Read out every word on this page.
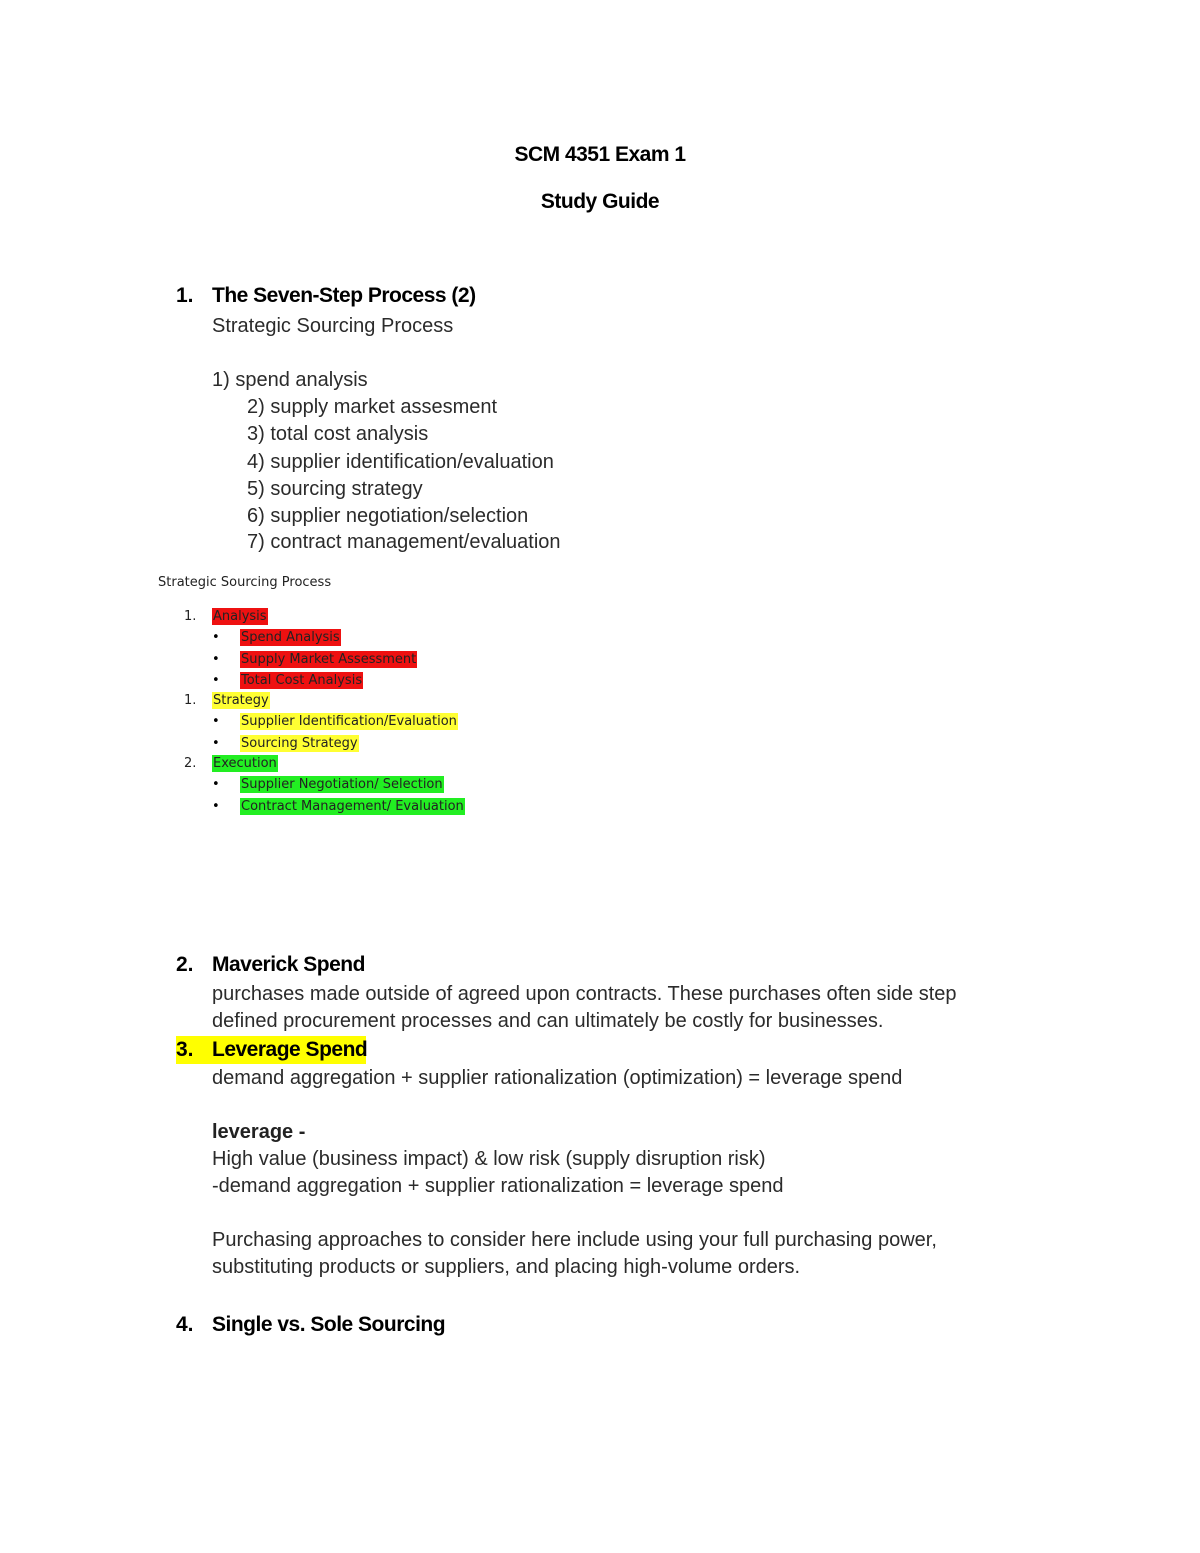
SCM 4351 Exam 1
Study Guide
1. The Seven-Step Process (2)
Strategic Sourcing Process
1) spend analysis
2) supply market assesment
3) total cost analysis
4) supplier identification/evaluation
5) sourcing strategy
6) supplier negotiation/selection
7) contract management/evaluation
Strategic Sourcing Process
1. Analysis
• Spend Analysis
• Supply Market Assessment
• Total Cost Analysis
1. Strategy
• Supplier Identification/Evaluation
• Sourcing Strategy
2. Execution
• Supplier Negotiation/ Selection
• Contract Management/ Evaluation
2. Maverick Spend
purchases made outside of agreed upon contracts. These purchases often side step
defined procurement processes and can ultimately be costly for businesses.
3. Leverage Spend
demand aggregation + supplier rationalization (optimization) = leverage spend
leverage -
High value (business impact) & low risk (supply disruption risk)
-demand aggregation + supplier rationalization = leverage spend
Purchasing approaches to consider here include using your full purchasing power,
substituting products or suppliers, and placing high-volume orders.
4. Single vs. Sole Sourcing
